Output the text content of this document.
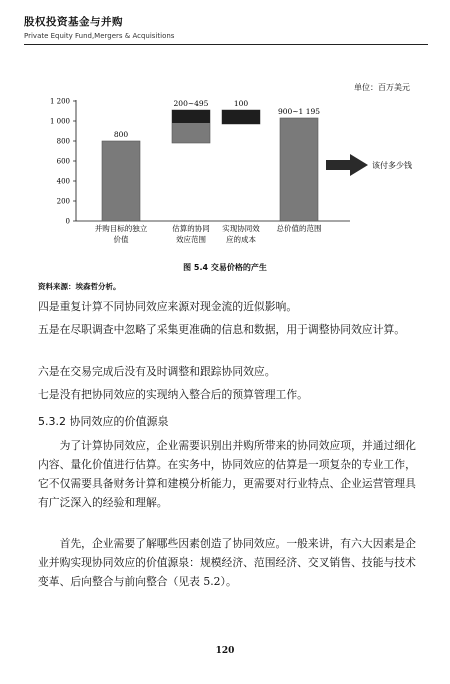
股权投资基金与并购
Private Equity Fund,Mergers & Acquisitions
单位：百万美元
1 200
1 000
800
600
400
200
0
800
200~495	100
900~1 195
并购目标的独立
价值
估算的协同
效应范围
实现协同效
应的成本
总价值的范围
该付多少钱
图 5.4 交易价格的产生
资料来源：埃森哲分析。

四是重复计算不同协同效应来源对现金流的近似影响。

五是在尽职调查中忽略了采集更准确的信息和数据，用于调整协同效应计算。

六是在交易完成后没有及时调整和跟踪协同效应。

七是没有把协同效应的实现纳入整合后的预算管理工作。

5.3.2 协同效应的价值源泉

为了计算协同效应，企业需要识别出并购所带来的协同效应项，并通过细化内容、量化价值进行估算。在实务中，协同效应的估算是一项复杂的专业工作，它不仅需要具备财务计算和建模分析能力，更需要对行业特点、企业运营管理具有广泛深入的经验和理解。

首先，企业需要了解哪些因素创造了协同效应。一般来讲，有六大因素是企业并购实现协同效应的价值源泉：规模经济、范围经济、交叉销售、技能与技术变革、后向整合与前向整合（见表 5.2）。

120
